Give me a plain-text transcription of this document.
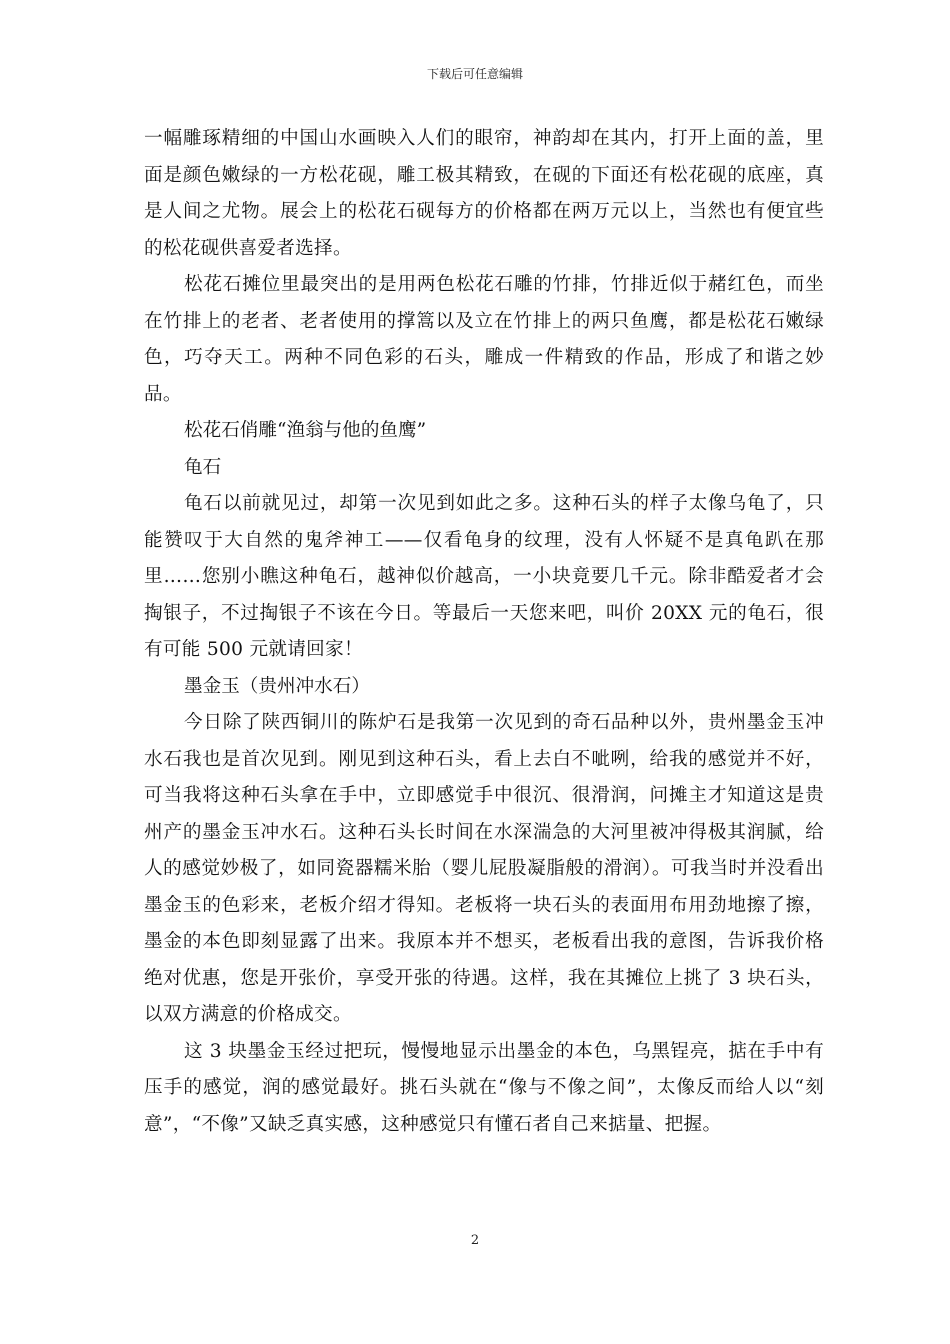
下载后可任意编辑

一幅雕琢精细的中国山水画映入人们的眼帘，神韵却在其内，打开上面的盖，里面是颜色嫩绿的一方松花砚，雕工极其精致，在砚的下面还有松花砚的底座，真是人间之尤物。展会上的松花石砚每方的价格都在两万元以上，当然也有便宜些的松花砚供喜爱者选择。

松花石摊位里最突出的是用两色松花石雕的竹排，竹排近似于赭红色，而坐在竹排上的老者、老者使用的撑篙以及立在竹排上的两只鱼鹰，都是松花石嫩绿色，巧夺天工。两种不同色彩的石头，雕成一件精致的作品，形成了和谐之妙品。

松花石俏雕“渔翁与他的鱼鹰”

龟石

龟石以前就见过，却第一次见到如此之多。这种石头的样子太像乌龟了，只能赞叹于大自然的鬼斧神工——仅看龟身的纹理，没有人怀疑不是真龟趴在那里……您别小瞧这种龟石，越神似价越高，一小块竟要几千元。除非酷爱者才会掏银子，不过掏银子不该在今日。等最后一天您来吧，叫价 20XX 元的龟石，很有可能 500 元就请回家！

墨金玉（贵州冲水石）

今日除了陕西铜川的陈炉石是我第一次见到的奇石品种以外，贵州墨金玉冲水石我也是首次见到。刚见到这种石头，看上去白不呲咧，给我的感觉并不好，可当我将这种石头拿在手中，立即感觉手中很沉、很滑润，问摊主才知道这是贵州产的墨金玉冲水石。这种石头长时间在水深湍急的大河里被冲得极其润腻，给人的感觉妙极了，如同瓷器糯米胎（婴儿屁股凝脂般的滑润）。可我当时并没看出墨金玉的色彩来，老板介绍才得知。老板将一块石头的表面用布用劲地擦了擦，墨金的本色即刻显露了出来。我原本并不想买，老板看出我的意图，告诉我价格绝对优惠，您是开张价，享受开张的待遇。这样，我在其摊位上挑了 3 块石头，以双方满意的价格成交。

这 3 块墨金玉经过把玩，慢慢地显示出墨金的本色，乌黑锃亮，掂在手中有压手的感觉，润的感觉最好。挑石头就在“像与不像之间”，太像反而给人以“刻意”，“不像”又缺乏真实感，这种感觉只有懂石者自己来掂量、把握。

2
